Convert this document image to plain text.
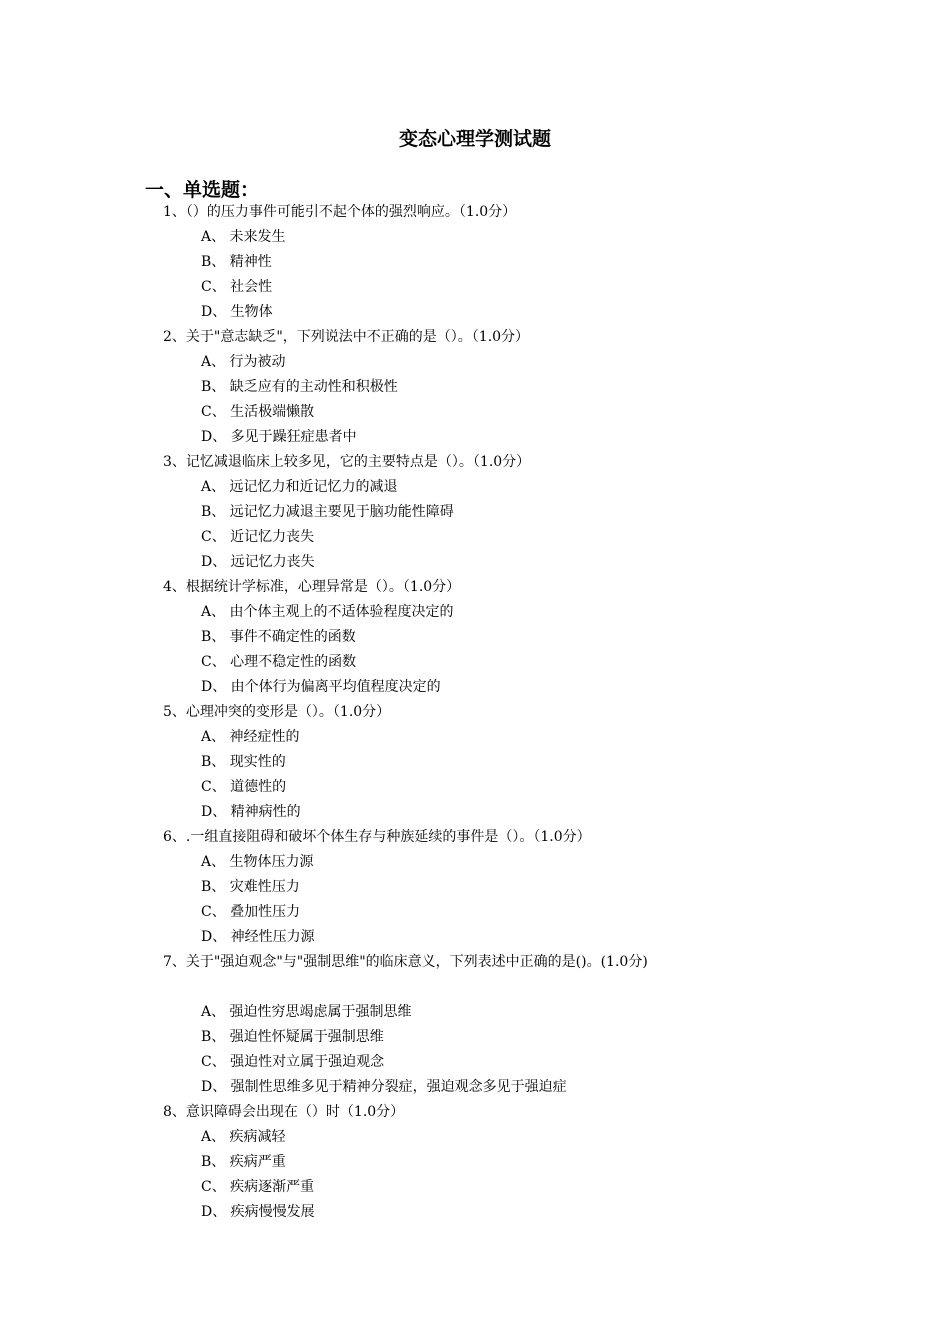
变态心理学测试题
一、单选题：
1、（）的压力事件可能引不起个体的强烈响应。（1.0分）
A、 未来发生
B、 精神性
C、 社会性
D、 生物体
2、关于"意志缺乏"，下列说法中不正确的是（）。（1.0分）
A、 行为被动
B、 缺乏应有的主动性和积极性
C、 生活极端懒散
D、 多见于躁狂症患者中
3、记忆减退临床上较多见，它的主要特点是（）。（1.0分）
A、 远记忆力和近记忆力的减退
B、 远记忆力减退主要见于脑功能性障碍
C、 近记忆力丧失
D、 远记忆力丧失
4、根据统计学标准，心理异常是（）。（1.0分）
A、 由个体主观上的不适体验程度决定的
B、 事件不确定性的函数
C、 心理不稳定性的函数
D、 由个体行为偏离平均值程度决定的
5、心理冲突的变形是（）。（1.0分）
A、 神经症性的
B、 现实性的
C、 道德性的
D、 精神病性的
6、.一组直接阻碍和破坏个体生存与种族延续的事件是（）。（1.0分）
A、 生物体压力源
B、 灾难性压力
C、 叠加性压力
D、 神经性压力源
7、关于"强迫观念"与"强制思维"的临床意义，下列表述中正确的是()。(1.0分)
A、 强迫性穷思竭虑属于强制思维
B、 强迫性怀疑属于强制思维
C、 强迫性对立属于强迫观念
D、 强制性思维多见于精神分裂症，强迫观念多见于强迫症
8、意识障碍会出现在（）时（1.0分）
A、 疾病减轻
B、 疾病严重
C、 疾病逐渐严重
D、 疾病慢慢发展
